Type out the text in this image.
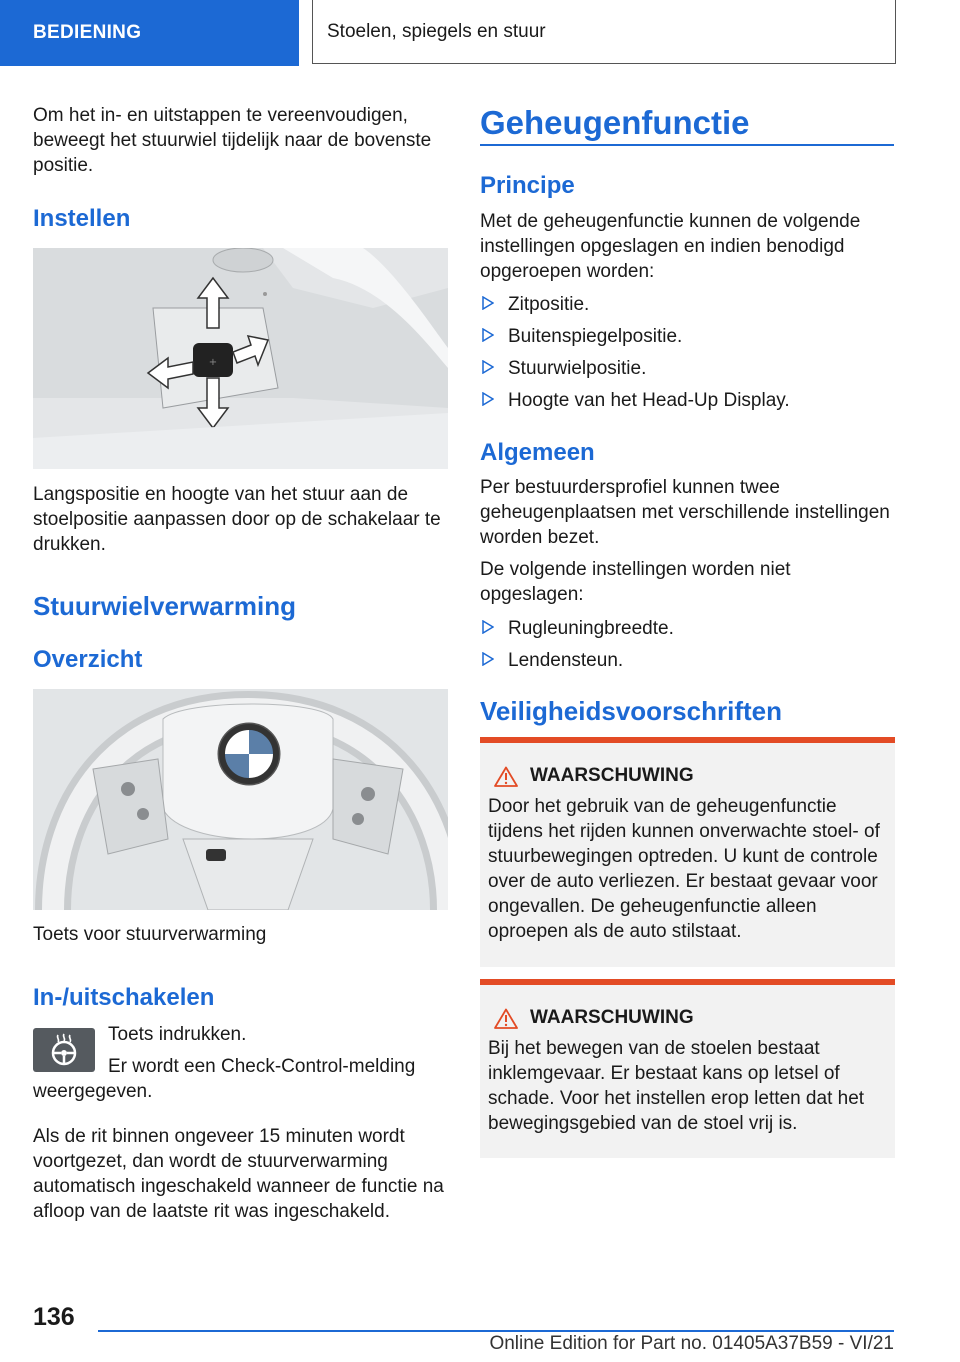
BEDIENING	Stoelen, spiegels en stuur

Om het in- en uitstappen te vereenvoudigen, beweegt het stuurwiel tijdelijk naar de bovenste positie.

Instellen
+

Langspositie en hoogte van het stuur aan de stoelpositie aanpassen door op de schakelaar te drukken.

Stuurwielverwarming
Overzicht

Toets voor stuurverwarming

In-/uitschakelen

Toets indrukken.

Er wordt een Check-Control-melding weergegeven.

Als de rit binnen ongeveer 15 minuten wordt voortgezet, dan wordt de stuurverwarming automatisch ingeschakeld wanneer de functie na afloop van de laatste rit was ingeschakeld.

Geheugenfunctie
Principe

Met de geheugenfunctie kunnen de volgende instellingen opgeslagen en indien benodigd opgeroepen worden:

Zitpositie.
Buitenspiegelpositie.
Stuurwielpositie.
Hoogte van het Head-Up Display.
Algemeen

Per bestuurdersprofiel kunnen twee geheugenplaatsen met verschillende instellingen worden bezet.

De volgende instellingen worden niet opgeslagen:

Rugleuningbreedte.
Lendensteun.
Veiligheidsvoorschriften
WAARSCHUWING

Door het gebruik van de geheugenfunctie tijdens het rijden kunnen onverwachte stoel- of stuurbewegingen optreden. U kunt de controle over de auto verliezen. Er bestaat gevaar voor ongevallen. De geheugenfunctie alleen oproepen als de auto stilstaat.

WAARSCHUWING

Bij het bewegen van de stoelen bestaat inklemgevaar. Er bestaat kans op letsel of schade. Voor het instellen erop letten dat het bewegingsgebied van de stoel vrij is.

136
Online Edition for Part no. 01405A37B59 - VI/21
